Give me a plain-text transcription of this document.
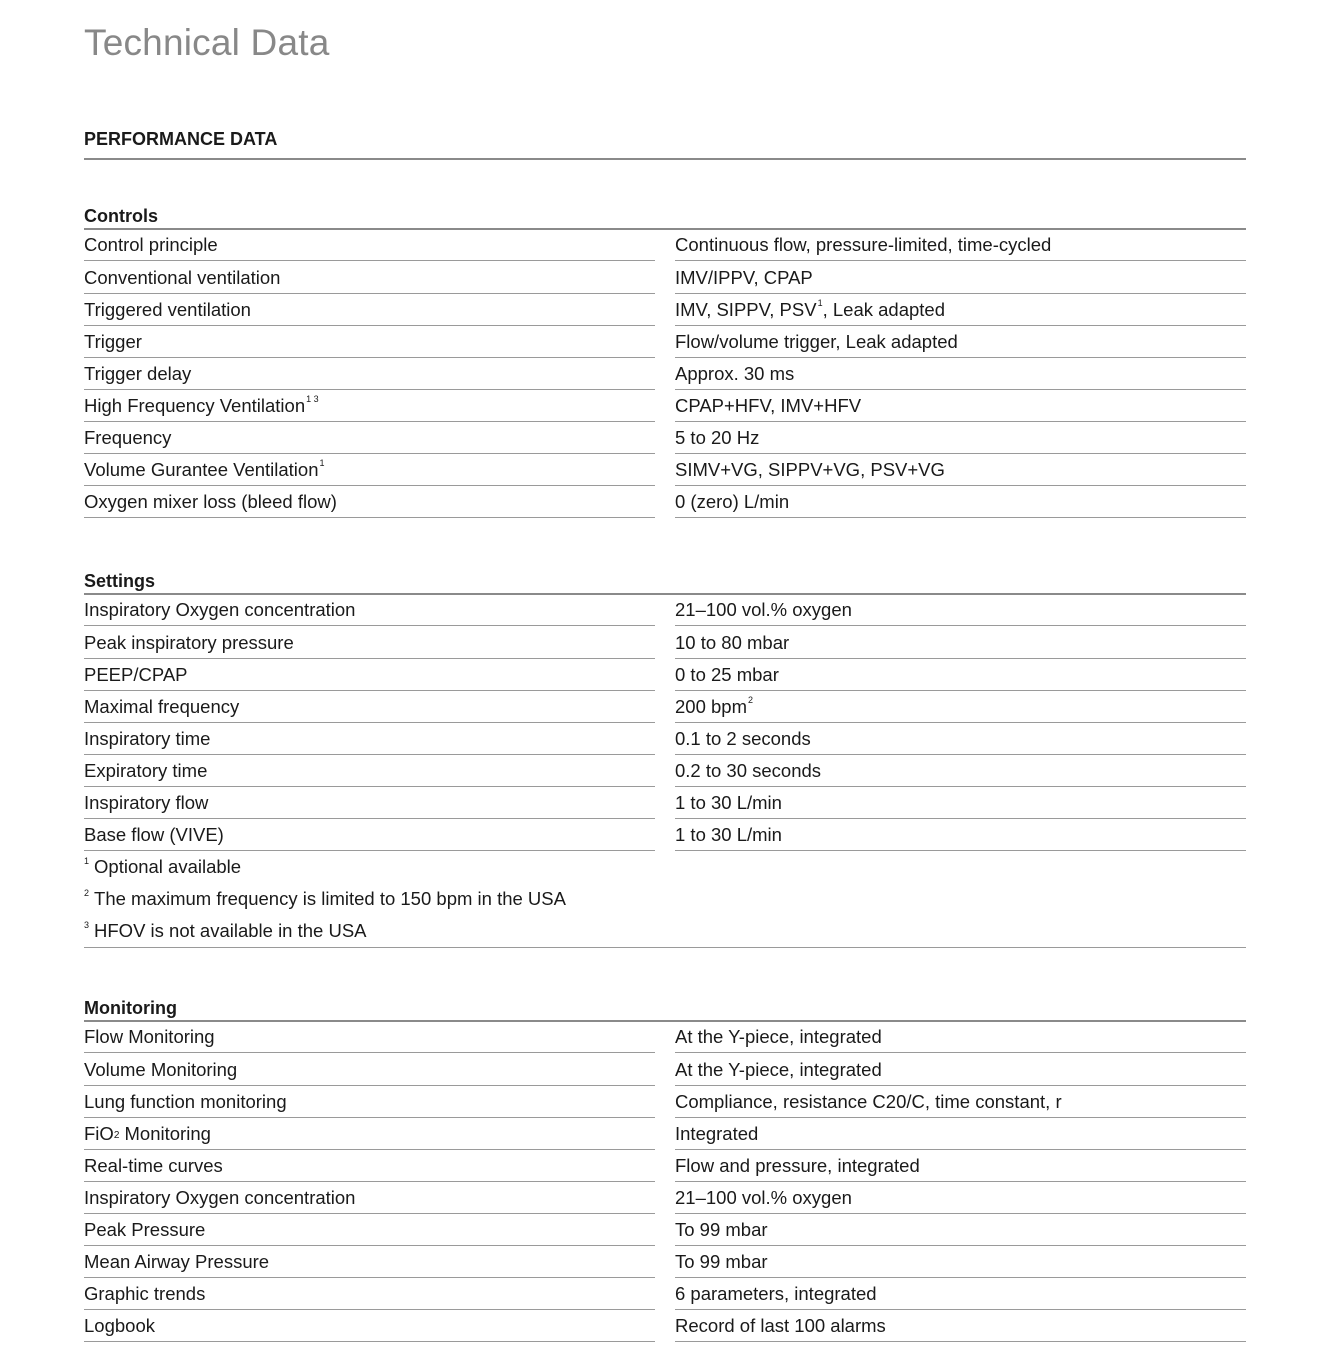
Technical Data
PERFORMANCE DATA
Controls
Control principle	Continuous flow, pressure-limited, time-cycled
Conventional ventilation	IMV/IPPV, CPAP
Triggered ventilation	IMV, SIPPV, PSV$^1$, Leak adapted
Trigger	Flow/volume trigger, Leak adapted
Trigger delay	Approx. 30 ms
High Frequency Ventilation$^{1 3}$	CPAP+HFV, IMV+HFV
Frequency	5 to 20 Hz
Volume Gurantee Ventilation$^1$	SIMV+VG, SIPPV+VG, PSV+VG
Oxygen mixer loss (bleed flow)	0 (zero) L/min
Settings
Inspiratory Oxygen concentration	21–100 vol.% oxygen
Peak inspiratory pressure	10 to 80 mbar
PEEP/CPAP	0 to 25 mbar
Maximal frequency	200 bpm$^2$
Inspiratory time	0.1 to 2 seconds
Expiratory time	0.2 to 30 seconds
Inspiratory flow	1 to 30 L/min
Base flow (VIVE)	1 to 30 L/min
$^1$ Optional available
$^2$ The maximum frequency is limited to 150 bpm in the USA
$^3$ HFOV is not available in the USA
Monitoring
Flow Monitoring	At the Y-piece, integrated
Volume Monitoring	At the Y-piece, integrated
Lung function monitoring	Compliance, resistance C20/C, time constant, r
FiO$_2$ Monitoring	Integrated
Real-time curves	Flow and pressure, integrated
Inspiratory Oxygen concentration	21–100 vol.% oxygen
Peak Pressure	To 99 mbar
Mean Airway Pressure	To 99 mbar
Graphic trends	6 parameters, integrated
Logbook	Record of last 100 alarms
